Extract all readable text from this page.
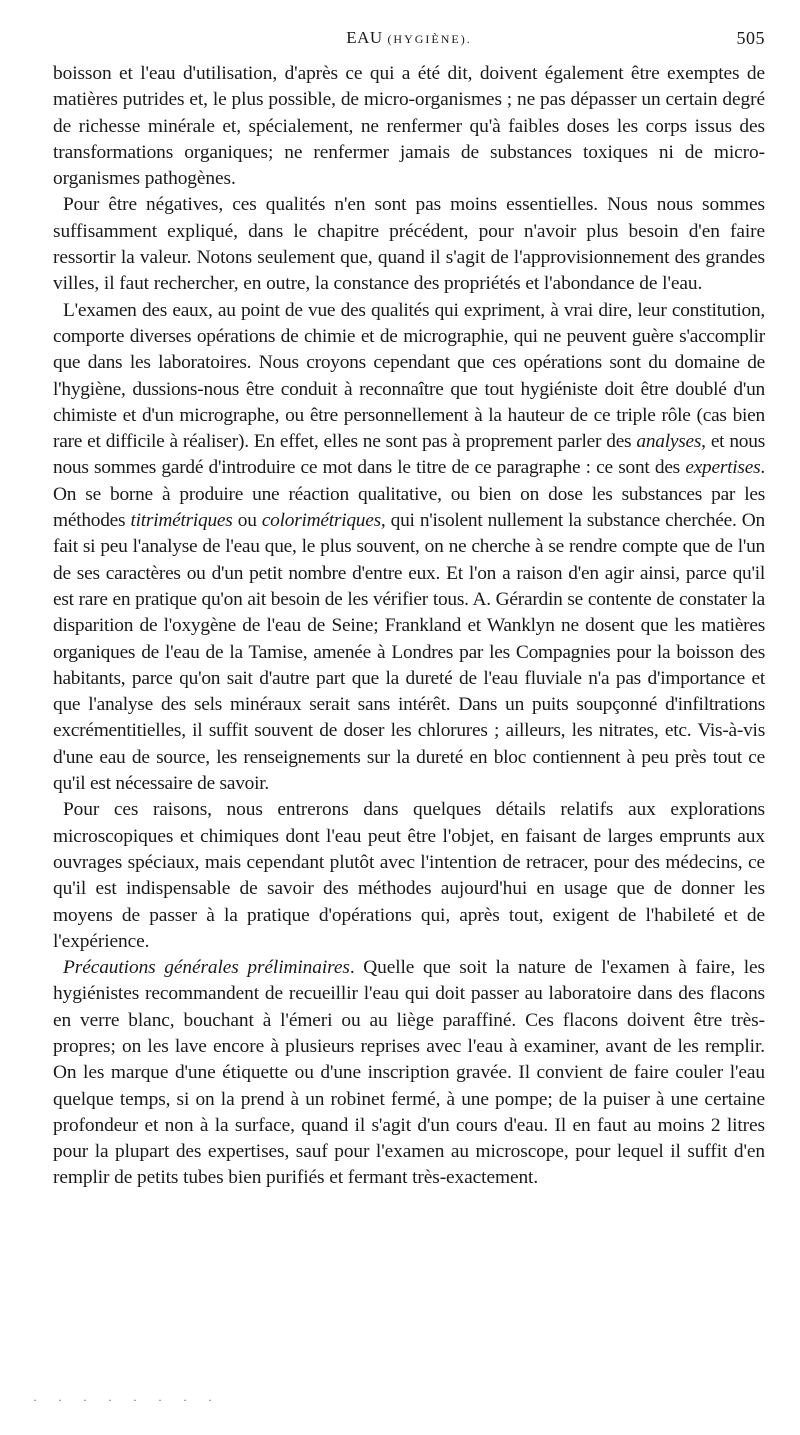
EAU (HYGIÈNE).	505

boisson et l'eau d'utilisation, d'après ce qui a été dit, doivent également être exemptes de matières putrides et, le plus possible, de micro-organismes ; ne pas dépasser un certain degré de richesse minérale et, spécialement, ne renfermer qu'à faibles doses les corps issus des transformations organiques; ne renfermer jamais de substances toxiques ni de micro-organismes pathogènes.

Pour être négatives, ces qualités n'en sont pas moins essentielles. Nous nous sommes suffisamment expliqué, dans le chapitre précédent, pour n'avoir plus besoin d'en faire ressortir la valeur. Notons seulement que, quand il s'agit de l'approvisionnement des grandes villes, il faut rechercher, en outre, la constance des propriétés et l'abondance de l'eau.

L'examen des eaux, au point de vue des qualités qui expriment, à vrai dire, leur constitution, comporte diverses opérations de chimie et de micrographie, qui ne peuvent guère s'accomplir que dans les laboratoires. Nous croyons cependant que ces opérations sont du domaine de l'hygiène, dussions-nous être conduit à reconnaître que tout hygiéniste doit être doublé d'un chimiste et d'un micrographe, ou être personnellement à la hauteur de ce triple rôle (cas bien rare et difficile à réaliser). En effet, elles ne sont pas à proprement parler des analyses, et nous nous sommes gardé d'introduire ce mot dans le titre de ce paragraphe : ce sont des expertises. On se borne à produire une réaction qualitative, ou bien on dose les substances par les méthodes titrimétriques ou colorimétriques, qui n'isolent nullement la substance cherchée. On fait si peu l'analyse de l'eau que, le plus souvent, on ne cherche à se rendre compte que de l'un de ses caractères ou d'un petit nombre d'entre eux. Et l'on a raison d'en agir ainsi, parce qu'il est rare en pratique qu'on ait besoin de les vérifier tous. A. Gérardin se contente de constater la disparition de l'oxygène de l'eau de Seine; Frankland et Wanklyn ne dosent que les matières organiques de l'eau de la Tamise, amenée à Londres par les Compagnies pour la boisson des habitants, parce qu'on sait d'autre part que la dureté de l'eau fluviale n'a pas d'importance et que l'analyse des sels minéraux serait sans intérêt. Dans un puits soupçonné d'infiltrations excrémentitielles, il suffit souvent de doser les chlorures ; ailleurs, les nitrates, etc. Vis-à-vis d'une eau de source, les renseignements sur la dureté en bloc contiennent à peu près tout ce qu'il est nécessaire de savoir.

Pour ces raisons, nous entrerons dans quelques détails relatifs aux explorations microscopiques et chimiques dont l'eau peut être l'objet, en faisant de larges emprunts aux ouvrages spéciaux, mais cependant plutôt avec l'intention de retracer, pour des médecins, ce qu'il est indispensable de savoir des méthodes aujourd'hui en usage que de donner les moyens de passer à la pratique d'opérations qui, après tout, exigent de l'habileté et de l'expérience.

Précautions générales préliminaires. Quelle que soit la nature de l'examen à faire, les hygiénistes recommandent de recueillir l'eau qui doit passer au laboratoire dans des flacons en verre blanc, bouchant à l'émeri ou au liège paraffiné. Ces flacons doivent être très-propres; on les lave encore à plusieurs reprises avec l'eau à examiner, avant de les remplir. On les marque d'une étiquette ou d'une inscription gravée. Il convient de faire couler l'eau quelque temps, si on la prend à un robinet fermé, à une pompe; de la puiser à une certaine profondeur et non à la surface, quand il s'agit d'un cours d'eau. Il en faut au moins 2 litres pour la plupart des expertises, sauf pour l'examen au microscope, pour lequel il suffit d'en remplir de petits tubes bien purifiés et fermant très-exactement.

· · · · · · · ·
